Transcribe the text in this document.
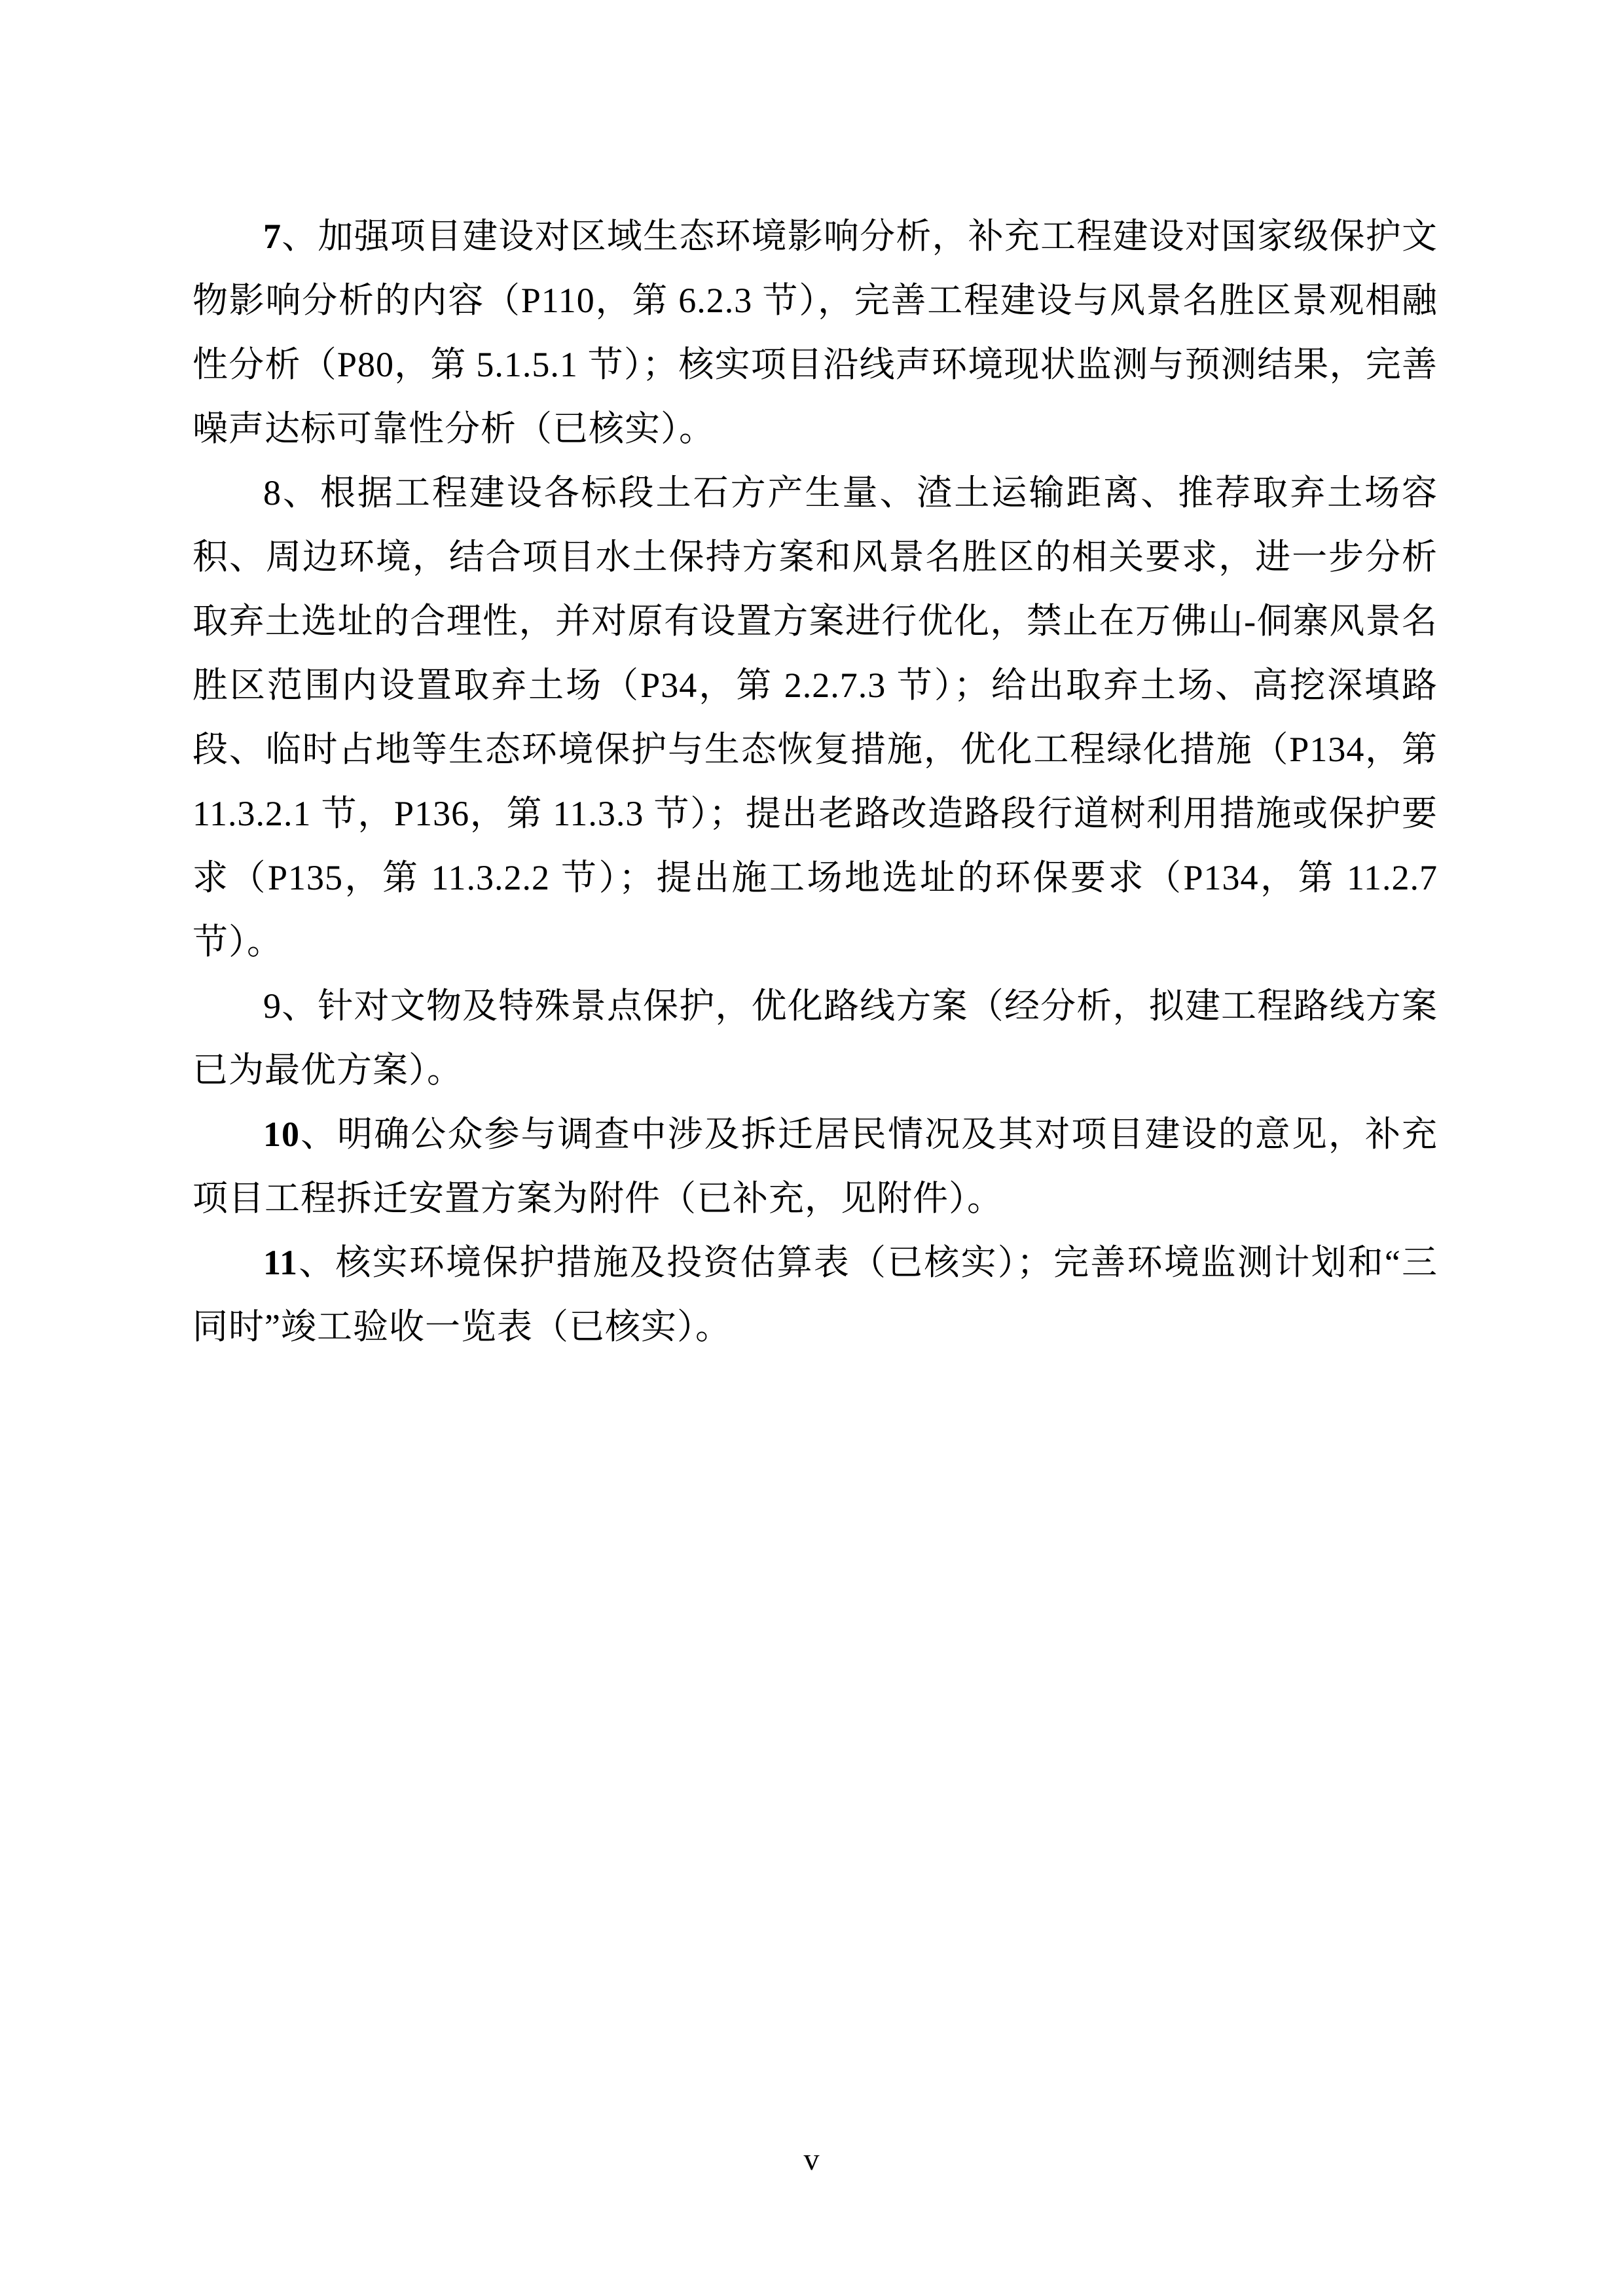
7、加强项目建设对区域生态环境影响分析，补充工程建设对国家级保护文物影响分析的内容（P110，第 6.2.3 节），完善工程建设与风景名胜区景观相融性分析（P80，第 5.1.5.1 节）；核实项目沿线声环境现状监测与预测结果，完善噪声达标可靠性分析（已核实）。

8、根据工程建设各标段土石方产生量、渣土运输距离、推荐取弃土场容积、周边环境，结合项目水土保持方案和风景名胜区的相关要求，进一步分析取弃土选址的合理性，并对原有设置方案进行优化，禁止在万佛山-侗寨风景名胜区范围内设置取弃土场（P34，第 2.2.7.3 节）；给出取弃土场、高挖深填路段、临时占地等生态环境保护与生态恢复措施，优化工程绿化措施（P134，第 11.3.2.1 节，P136，第 11.3.3 节）；提出老路改造路段行道树利用措施或保护要求（P135，第 11.3.2.2 节）；提出施工场地选址的环保要求（P134，第 11.2.7 节）。

9、针对文物及特殊景点保护，优化路线方案（经分析，拟建工程路线方案已为最优方案）。

10、明确公众参与调查中涉及拆迁居民情况及其对项目建设的意见，补充项目工程拆迁安置方案为附件（已补充，见附件）。

11、核实环境保护措施及投资估算表（已核实）；完善环境监测计划和“三同时”竣工验收一览表（已核实）。

v
